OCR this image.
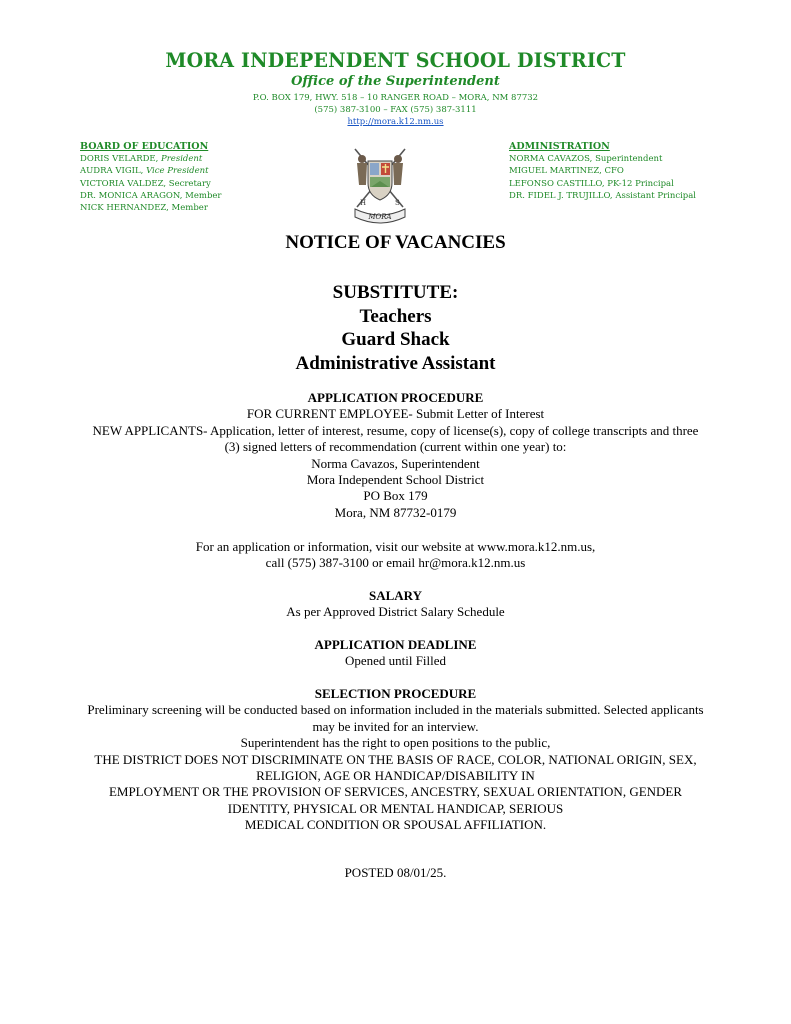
MORA INDEPENDENT SCHOOL DISTRICT
Office of the Superintendent
P.O. BOX 179, HWY. 518 – 10 RANGER ROAD – MORA, NM 87732
(575) 387-3100 – FAX (575) 387-3111
http://mora.k12.nm.us
BOARD OF EDUCATION
DORIS VELARDE, President
AUDRA VIGIL, Vice President
VICTORIA VALDEZ, Secretary
DR. MONICA ARAGON, Member
NICK HERNANDEZ, Member
H	S
MORA
ADMINISTRATION
NORMA CAVAZOS, Superintendent
MIGUEL MARTINEZ, CFO
LEFONSO CASTILLO, PK-12 Principal
DR. FIDEL J. TRUJILLO, Assistant Principal
NOTICE OF VACANCIES
SUBSTITUTE:
Teachers
Guard Shack
Administrative Assistant
APPLICATION PROCEDURE
FOR CURRENT EMPLOYEE- Submit Letter of Interest
NEW APPLICANTS- Application, letter of interest, resume, copy of license(s), copy of college transcripts and three
(3) signed letters of recommendation (current within one year) to:
Norma Cavazos, Superintendent
Mora Independent School District
PO Box 179
Mora, NM 87732-0179
For an application or information, visit our website at www.mora.k12.nm.us,
call (575) 387-3100 or email hr@mora.k12.nm.us
SALARY
As per Approved District Salary Schedule
APPLICATION DEADLINE
Opened until Filled
SELECTION PROCEDURE
Preliminary screening will be conducted based on information included in the materials submitted. Selected applicants
may be invited for an interview.
Superintendent has the right to open positions to the public,
THE DISTRICT DOES NOT DISCRIMINATE ON THE BASIS OF RACE, COLOR, NATIONAL ORIGIN, SEX,
RELIGION, AGE OR HANDICAP/DISABILITY IN
EMPLOYMENT OR THE PROVISION OF SERVICES, ANCESTRY, SEXUAL ORIENTATION, GENDER
IDENTITY, PHYSICAL OR MENTAL HANDICAP, SERIOUS
MEDICAL CONDITION OR SPOUSAL AFFILIATION.
POSTED 08/01/25.
